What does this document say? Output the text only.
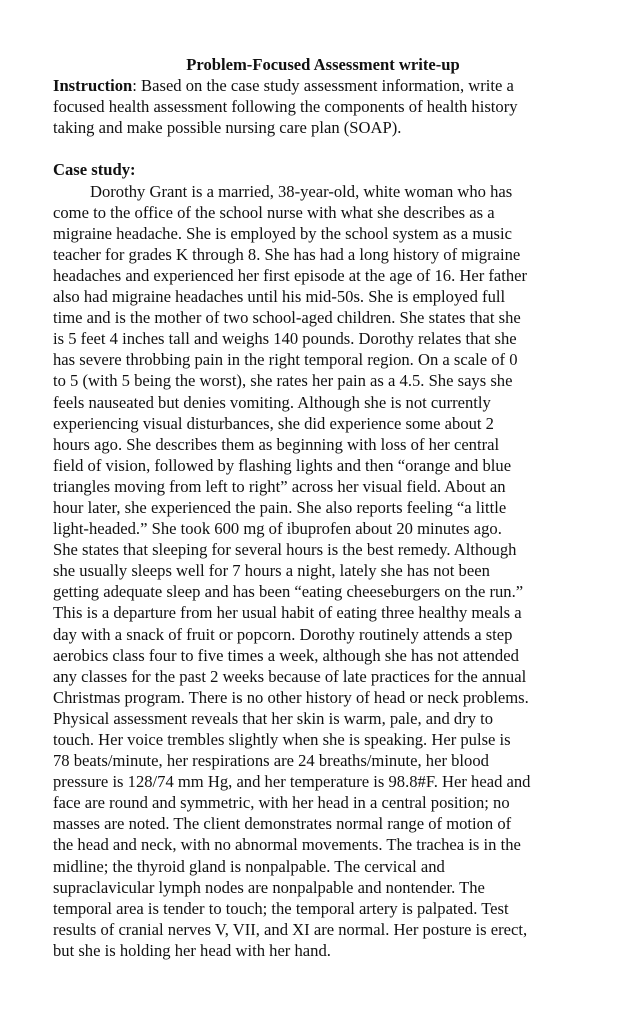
Problem-Focused Assessment write-up

Instruction: Based on the case study assessment information, write a

focused health assessment following the components of health history

taking and make possible nursing care plan (SOAP).

Case study:

Dorothy Grant is a married, 38-year-old, white woman who has

come to the office of the school nurse with what she describes as a

migraine headache. She is employed by the school system as a music

teacher for grades K through 8. She has had a long history of migraine

headaches and experienced her first episode at the age of 16. Her father

also had migraine headaches until his mid-50s. She is employed full

time and is the mother of two school-aged children. She states that she

is 5 feet 4 inches tall and weighs 140 pounds. Dorothy relates that she

has severe throbbing pain in the right temporal region. On a scale of 0

to 5 (with 5 being the worst), she rates her pain as a 4.5. She says she

feels nauseated but denies vomiting. Although she is not currently

experiencing visual disturbances, she did experience some about 2

hours ago. She describes them as beginning with loss of her central

field of vision, followed by flashing lights and then “orange and blue

triangles moving from left to right” across her visual field. About an

hour later, she experienced the pain. She also reports feeling “a little

light-headed.” She took 600 mg of ibuprofen about 20 minutes ago.

She states that sleeping for several hours is the best remedy. Although

she usually sleeps well for 7 hours a night, lately she has not been

getting adequate sleep and has been “eating cheeseburgers on the run.”

This is a departure from her usual habit of eating three healthy meals a

day with a snack of fruit or popcorn. Dorothy routinely attends a step

aerobics class four to five times a week, although she has not attended

any classes for the past 2 weeks because of late practices for the annual

Christmas program. There is no other history of head or neck problems.

Physical assessment reveals that her skin is warm, pale, and dry to

touch. Her voice trembles slightly when she is speaking. Her pulse is

78 beats/minute, her respirations are 24 breaths/minute, her blood

pressure is 128/74 mm Hg, and her temperature is 98.8#F. Her head and

face are round and symmetric, with her head in a central position; no

masses are noted. The client demonstrates normal range of motion of

the head and neck, with no abnormal movements. The trachea is in the

midline; the thyroid gland is nonpalpable. The cervical and

supraclavicular lymph nodes are nonpalpable and nontender. The

temporal area is tender to touch; the temporal artery is palpated. Test

results of cranial nerves V, VII, and XI are normal. Her posture is erect,

but she is holding her head with her hand.
